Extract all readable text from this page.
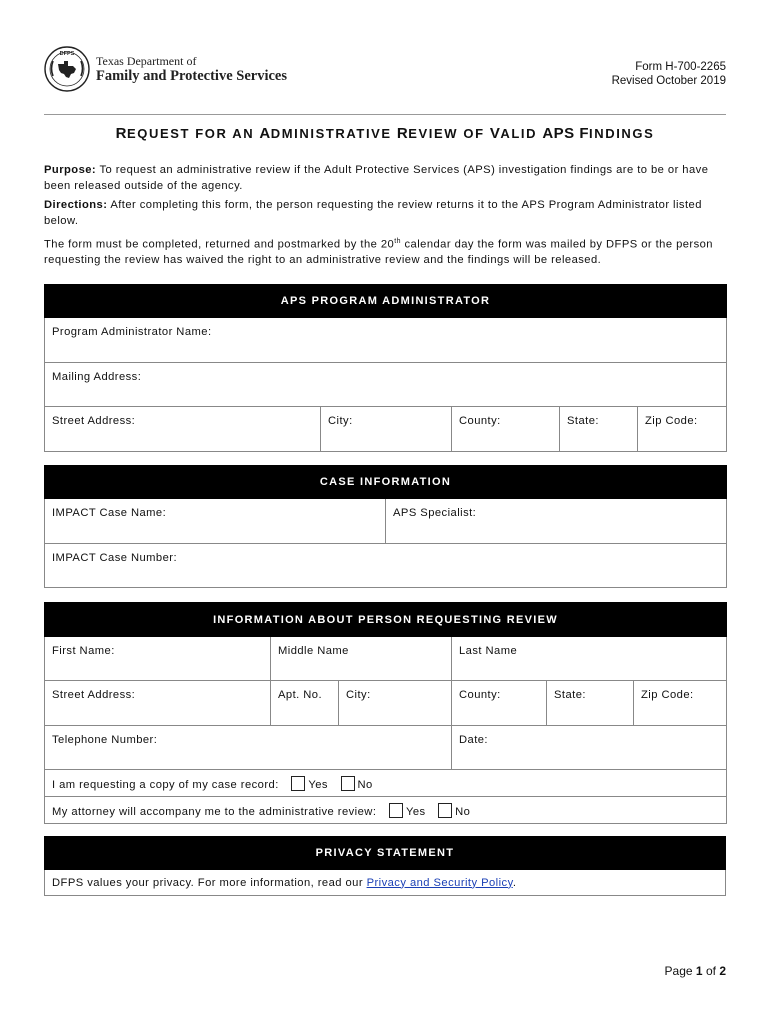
DFPS Texas Department of
Family and Protective Services
Form H-700-2265
Revised October 2019
REQUEST FOR AN ADMINISTRATIVE REVIEW OF VALID APS FINDINGS
Purpose: To request an administrative review if the Adult Protective Services (APS) investigation findings are to be or have been released outside of the agency.
Directions: After completing this form, the person requesting the review returns it to the APS Program Administrator listed below.
The form must be completed, returned and postmarked by the 20th calendar day the form was mailed by DFPS or the person requesting the review has waived the right to an administrative review and the findings will be released.
APS PROGRAM ADMINISTRATOR
Program Administrator Name:
Mailing Address:
Street Address:	City:	County:	State:	Zip Code:
CASE INFORMATION
IMPACT Case Name:	APS Specialist:
IMPACT Case Number:
INFORMATION ABOUT PERSON REQUESTING REVIEW					
First Name:	Middle Name		Last Name		
Street Address:	Apt. No.	City:	County:	State:	Zip Code:
Telephone Number:			Date:		
I am requesting a copy of my case record: Yes No					
My attorney will accompany me to the administrative review: Yes No					
PRIVACY STATEMENT
DFPS values your privacy. For more information, read our Privacy and Security Policy.
Page 1 of 2
